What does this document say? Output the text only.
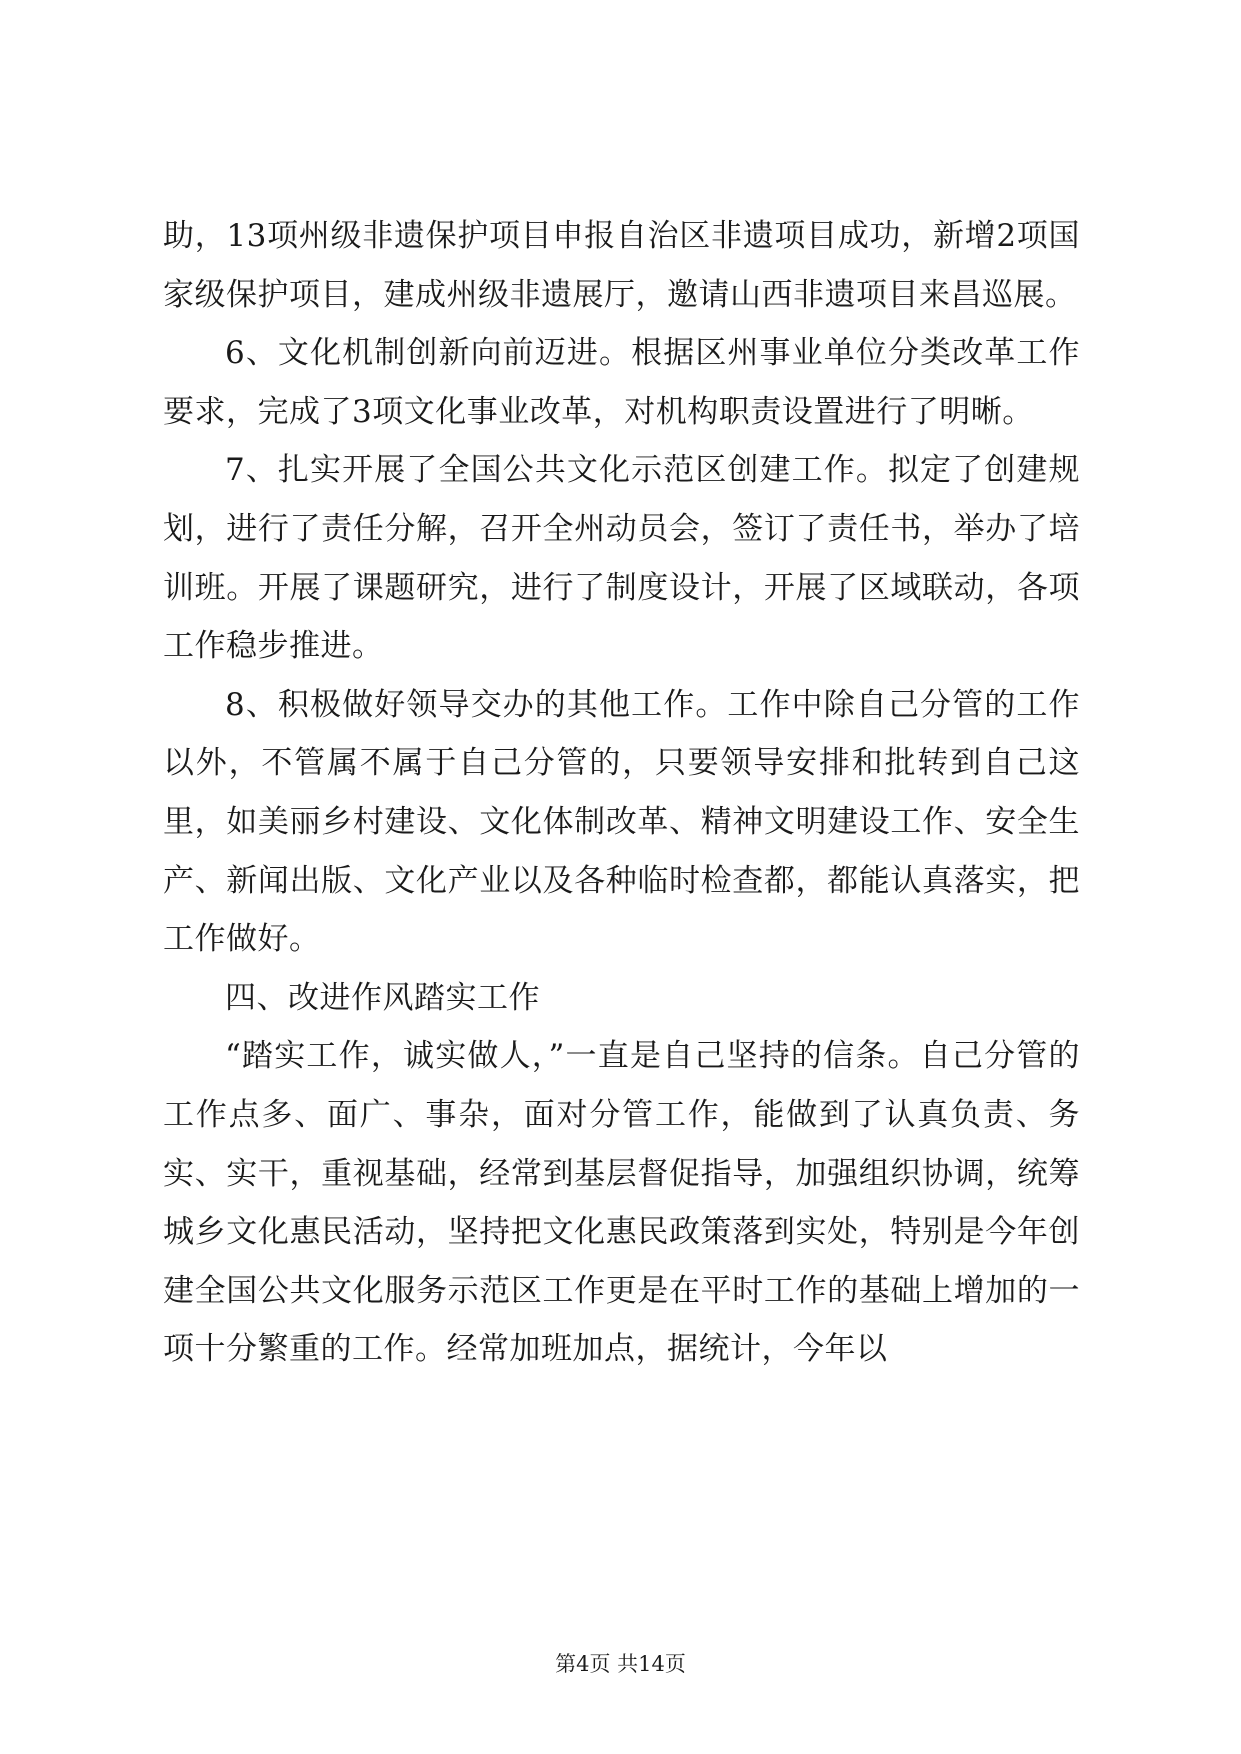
助，13项州级非遗保护项目申报自治区非遗项目成功，新增2项国家级保护项目，建成州级非遗展厅，邀请山西非遗项目来昌巡展。

6、文化机制创新向前迈进。根据区州事业单位分类改革工作要求，完成了3项文化事业改革，对机构职责设置进行了明晰。

7、扎实开展了全国公共文化示范区创建工作。拟定了创建规划，进行了责任分解，召开全州动员会，签订了责任书，举办了培训班。开展了课题研究，进行了制度设计，开展了区域联动，各项工作稳步推进。

8、积极做好领导交办的其他工作。工作中除自己分管的工作以外，不管属不属于自己分管的，只要领导安排和批转到自己这里，如美丽乡村建设、文化体制改革、精神文明建设工作、安全生产、新闻出版、文化产业以及各种临时检查都，都能认真落实，把工作做好。

四、改进作风踏实工作

“踏实工作，诚实做人，”一直是自己坚持的信条。自己分管的工作点多、面广、事杂，面对分管工作，能做到了认真负责、务实、实干，重视基础，经常到基层督促指导，加强组织协调，统筹城乡文化惠民活动，坚持把文化惠民政策落到实处，特别是今年创建全国公共文化服务示范区工作更是在平时工作的基础上增加的一项十分繁重的工作。经常加班加点，据统计，今年以

第4页 共14页
